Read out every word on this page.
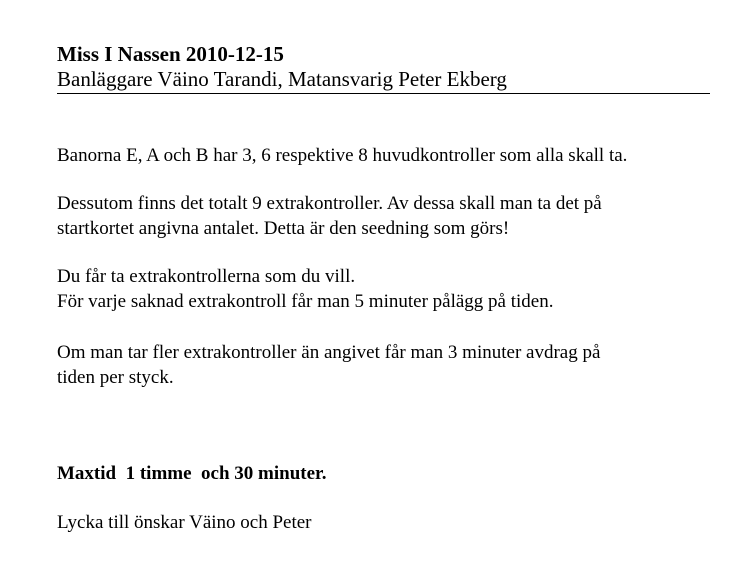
Miss I Nassen 2010-12-15
Banläggare Väino Tarandi, Matansvarig Peter Ekberg
Banorna E, A och B har 3, 6 respektive 8 huvudkontroller som alla skall ta.
Dessutom finns det totalt 9 extrakontroller. Av dessa skall man ta det på
startkortet angivna antalet. Detta är den seedning som görs!
Du får ta extrakontrollerna som du vill.
För varje saknad extrakontroll får man 5 minuter pålägg på tiden.
Om man tar fler extrakontroller än angivet får man 3 minuter avdrag på
tiden per styck.
Maxtid  1 timme  och 30 minuter.
Lycka till önskar Väino och Peter
